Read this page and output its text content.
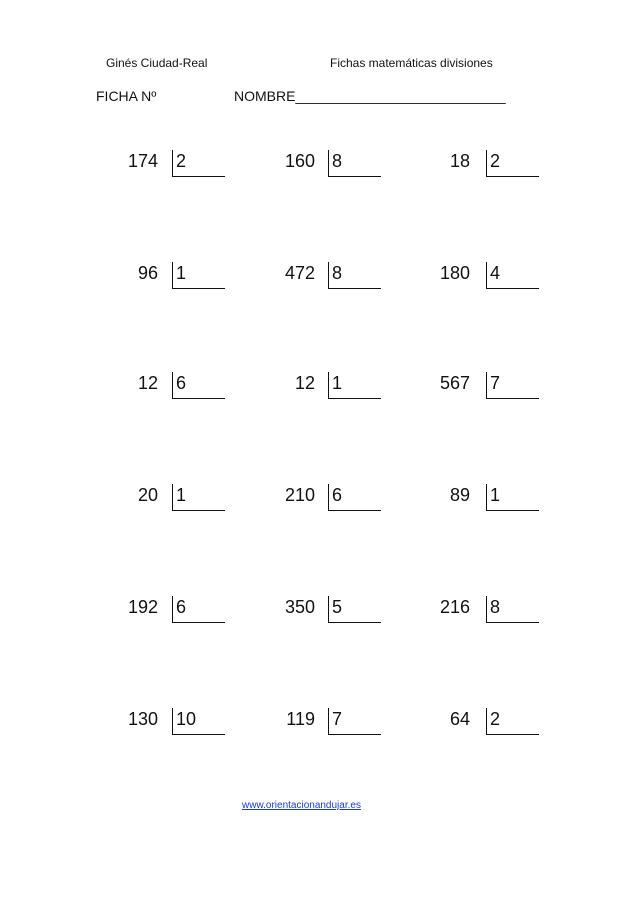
Ginés Ciudad-Real	Fichas matemáticas divisiones
FICHA Nº	NOMBRE___________________________
174 2	160 8	18 2
96 1	472 8	180 4
12 6	12 1	567 7
20 1	210 6	89 1
192 6	350 5	216 8
130 10	119 7	64 2
www.orientacionandujar.es
